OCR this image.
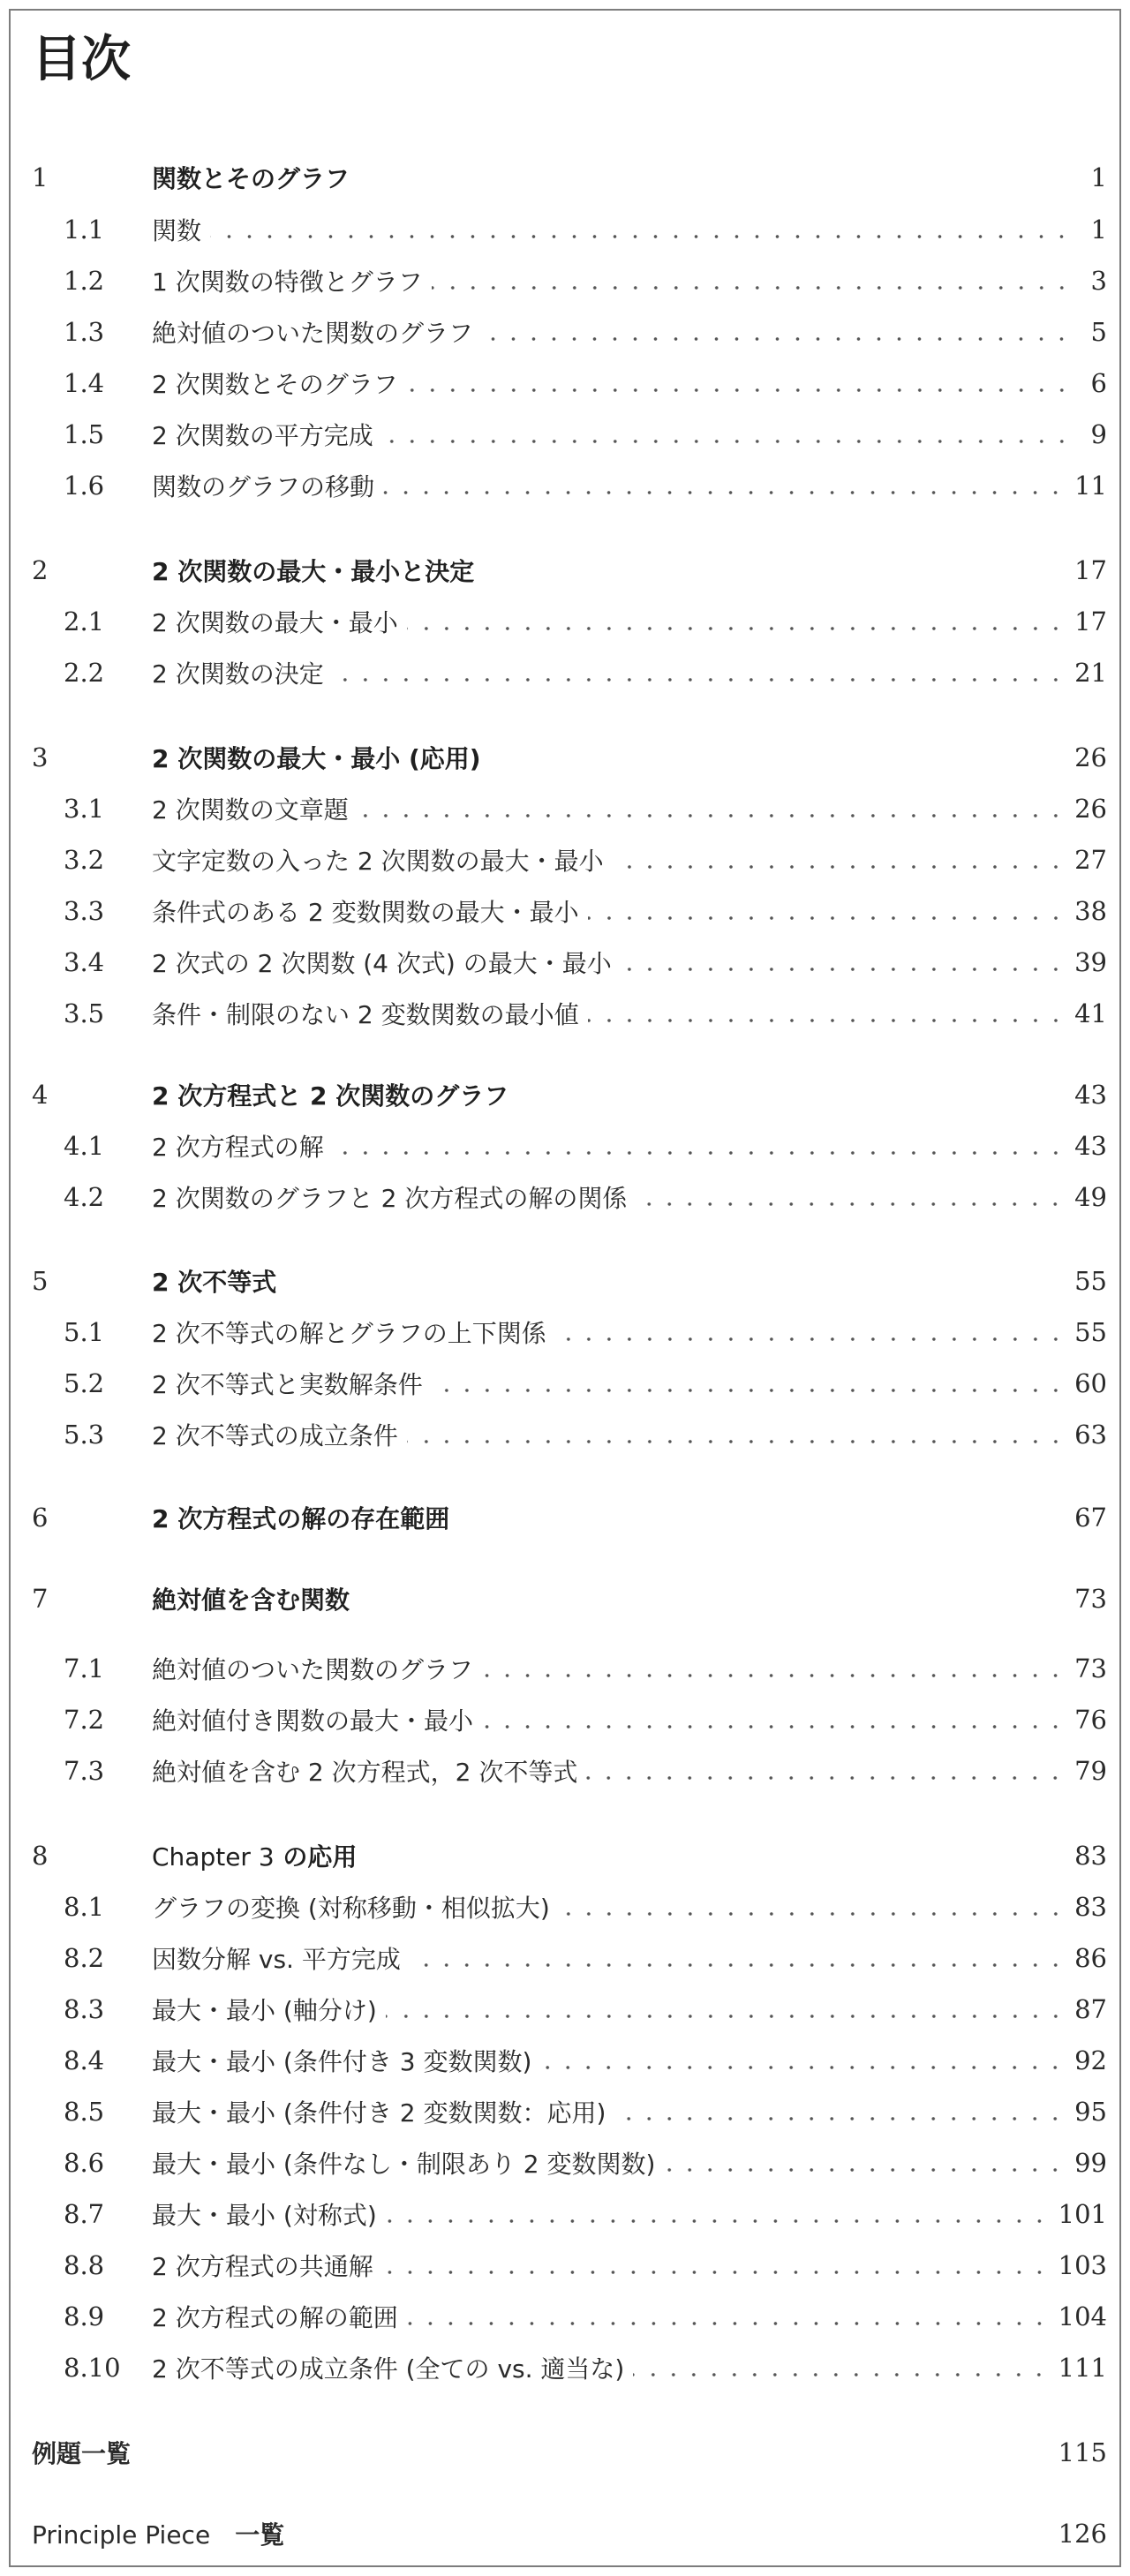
目次
1	関数とそのグラフ	1
1.1	関数	1
1.2	1 次関数の特徴とグラフ	3
1.3	絶対値のついた関数のグラフ	5
1.4	2 次関数とそのグラフ	6
1.5	2 次関数の平方完成	9
1.6	関数のグラフの移動	11
2	2 次関数の最大・最小と決定	17
2.1	2 次関数の最大・最小	17
2.2	2 次関数の決定	21
3	2 次関数の最大・最小 (応用)	26
3.1	2 次関数の文章題	26
3.2	文字定数の入った 2 次関数の最大・最小	27
3.3	条件式のある 2 変数関数の最大・最小	38
3.4	2 次式の 2 次関数 (4 次式) の最大・最小	39
3.5	条件・制限のない 2 変数関数の最小値	41
4	2 次方程式と 2 次関数のグラフ	43
4.1	2 次方程式の解	43
4.2	2 次関数のグラフと 2 次方程式の解の関係	49
5	2 次不等式	55
5.1	2 次不等式の解とグラフの上下関係	55
5.2	2 次不等式と実数解条件	60
5.3	2 次不等式の成立条件	63
6	2 次方程式の解の存在範囲	67
7	絶対値を含む関数	73
7.1	絶対値のついた関数のグラフ	73
7.2	絶対値付き関数の最大・最小	76
7.3	絶対値を含む 2 次方程式，2 次不等式	79
8	Chapter 3 の応用	83
8.1	グラフの変換 (対称移動・相似拡大)	83
8.2	因数分解 vs. 平方完成	86
8.3	最大・最小 (軸分け)	87
8.4	最大・最小 (条件付き 3 変数関数)	92
8.5	最大・最小 (条件付き 2 変数関数：応用)	95
8.6	最大・最小 (条件なし・制限あり 2 変数関数)	99
8.7	最大・最小 (対称式)	101
8.8	2 次方程式の共通解	103
8.9	2 次方程式の解の範囲	104
8.10	2 次不等式の成立条件 (全ての vs. 適当な)	111
例題一覧	115
Principle Piece　一覧	126
